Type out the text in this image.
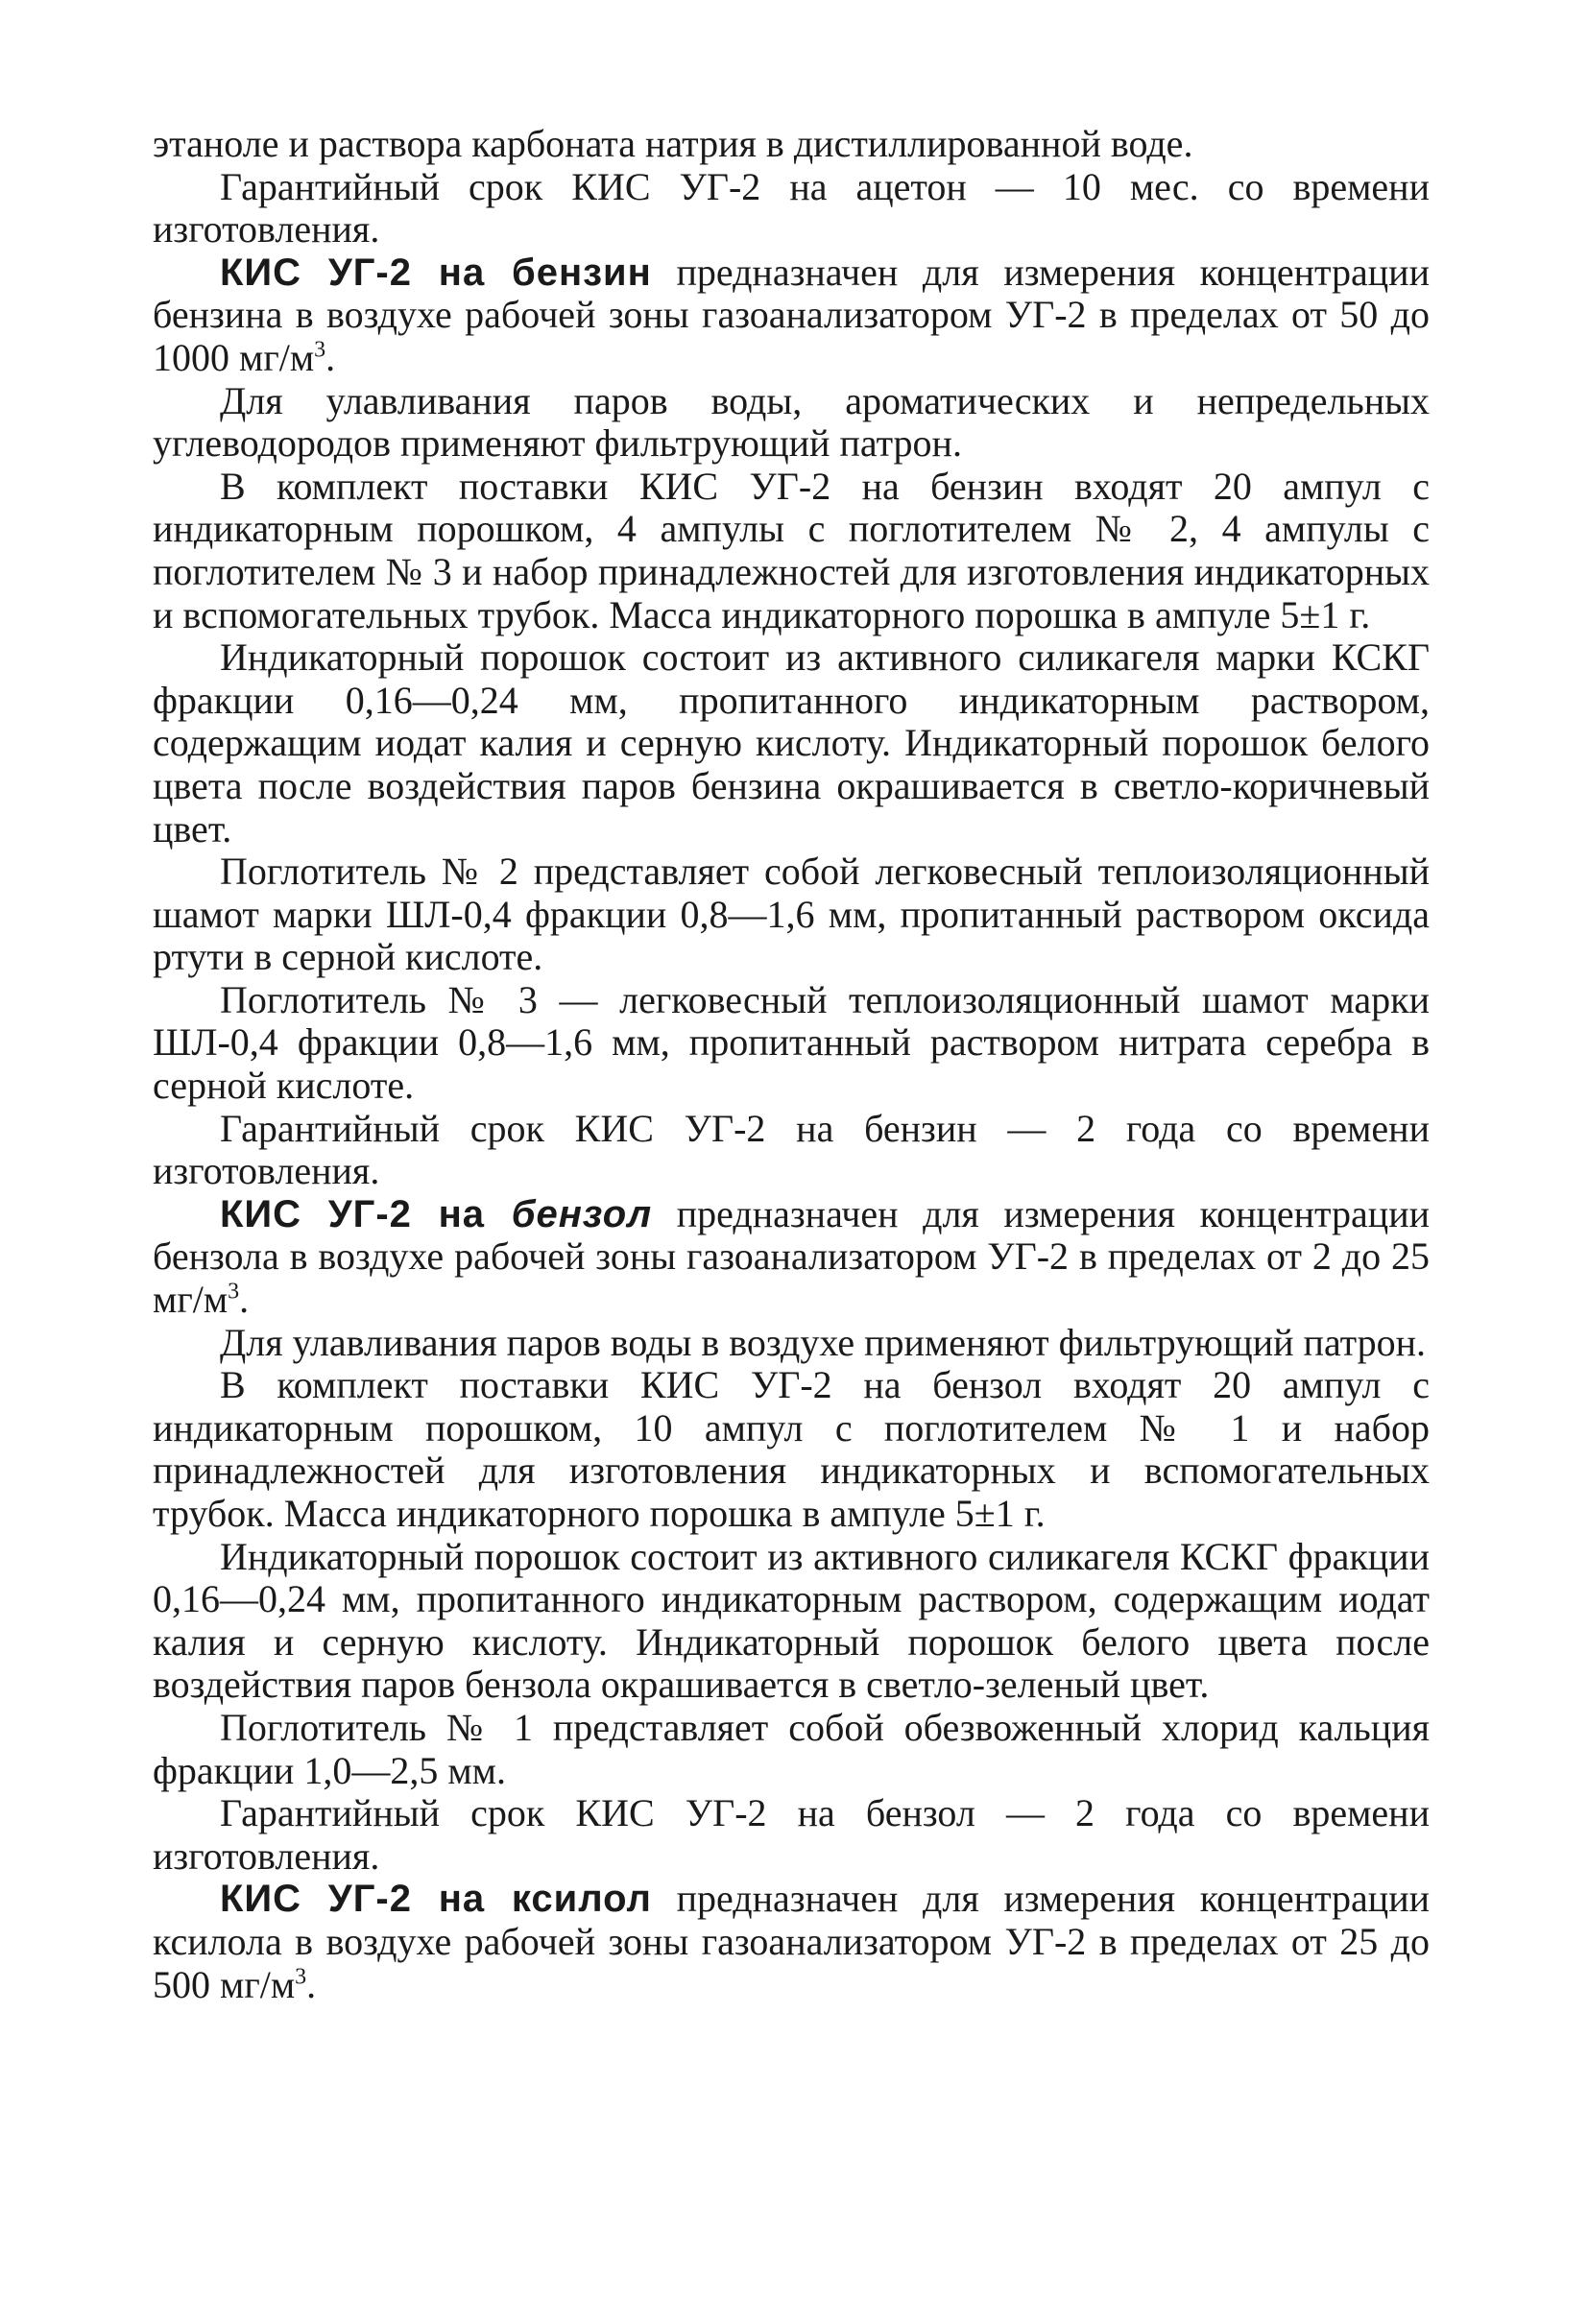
этаноле и раствора карбоната натрия в дистиллированной воде.

Гарантийный срок КИС УГ-2 на ацетон — 10 мес. со времени изготовления.

КИС УГ-2 на бензин предназначен для измерения концентрации бензина в воздухе рабочей зоны газоанализатором УГ-2 в пределах от 50 до 1000 $мг/м^3$.

Для улавливания паров воды, ароматических и непредельных углеводородов применяют фильтрующий патрон.

В комплект поставки КИС УГ-2 на бензин входят 20 ампул с индикаторным порошком, 4 ампулы с поглотителем № 2, 4 ампулы с поглотителем № 3 и набор принадлежностей для изготовления индикаторных и вспомогательных трубок. Масса индикаторного порошка в ампуле 5±1 г.

Индикаторный порошок состоит из активного силикагеля марки КСКГ фракции 0,16—0,24 мм, пропитанного индикаторным раствором, содержащим иодат калия и серную кислоту. Индикаторный порошок белого цвета после воздействия паров бензина окрашивается в светло-коричневый цвет.

Поглотитель № 2 представляет собой легковесный теплоизоляционный шамот марки ШЛ-0,4 фракции 0,8—1,6 мм, пропитанный раствором оксида ртути в серной кислоте.

Поглотитель № 3 — легковесный теплоизоляционный шамот марки ШЛ-0,4 фракции 0,8—1,6 мм, пропитанный раствором нитрата серебра в серной кислоте.

Гарантийный срок КИС УГ-2 на бензин — 2 года со времени изготовления.

КИС УГ-2 на бензол предназначен для измерения концентрации бензола в воздухе рабочей зоны газоанализатором УГ-2 в пределах от 2 до 25 $мг/м^3$.

Для улавливания паров воды в воздухе применяют фильтрующий патрон.

В комплект поставки КИС УГ-2 на бензол входят 20 ампул с индикаторным порошком, 10 ампул с поглотителем № 1 и набор принадлежностей для изготовления индикаторных и вспомогательных трубок. Масса индикаторного порошка в ампуле 5±1 г.

Индикаторный порошок состоит из активного силикагеля КСКГ фракции 0,16—0,24 мм, пропитанного индикаторным раствором, содержащим иодат калия и серную кислоту. Индикаторный порошок белого цвета после воздействия паров бензола окрашивается в светло-зеленый цвет.

Поглотитель № 1 представляет собой обезвоженный хлорид кальция фракции 1,0—2,5 мм.

Гарантийный срок КИС УГ-2 на бензол — 2 года со времени изготовления.

КИС УГ-2 на ксилол предназначен для измерения концентрации ксилола в воздухе рабочей зоны газоанализатором УГ-2 в пределах от 25 до 500 $мг/м^3$.
